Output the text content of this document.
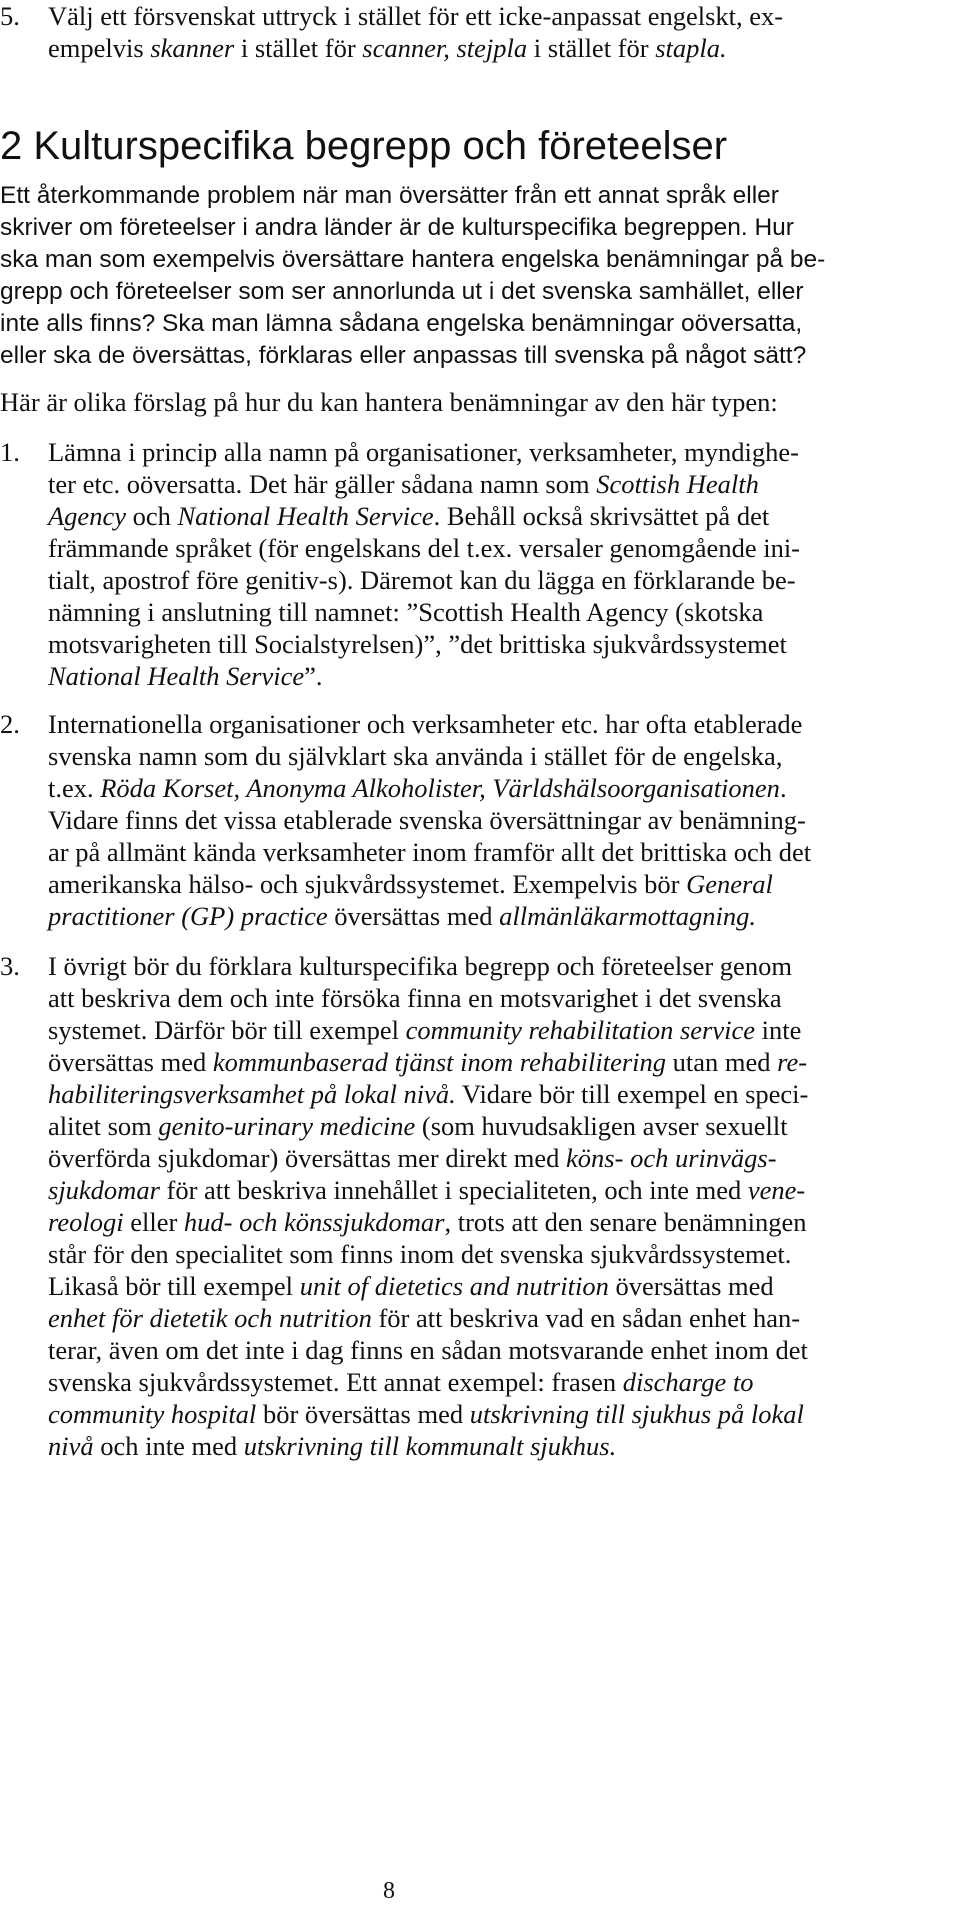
5. Välj ett försvenskat uttryck i stället för ett icke-anpassat engelskt, ex-
empelvis skanner i stället för scanner, stejpla i stället för stapla.
2 Kulturspecifika begrepp och företeelser
Ett återkommande problem när man översätter från ett annat språk eller
skriver om företeelser i andra länder är de kulturspecifika begreppen. Hur
ska man som exempelvis översättare hantera engelska benämningar på be-
grepp och företeelser som ser annorlunda ut i det svenska samhället, eller
inte alls finns? Ska man lämna sådana engelska benämningar oöversatta,
eller ska de översättas, förklaras eller anpassas till svenska på något sätt?
Här är olika förslag på hur du kan hantera benämningar av den här typen:
1. Lämna i princip alla namn på organisationer, verksamheter, myndighe-
ter etc. oöversatta. Det här gäller sådana namn som Scottish Health
Agency och National Health Service. Behåll också skrivsättet på det
främmande språket (för engelskans del t.ex. versaler genomgående ini-
tialt, apostrof före genitiv-s). Däremot kan du lägga en förklarande be-
nämning i anslutning till namnet: ”Scottish Health Agency (skotska
motsvarigheten till Socialstyrelsen)”, ”det brittiska sjukvårdssystemet
National Health Service”.
2. Internationella organisationer och verksamheter etc. har ofta etablerade
svenska namn som du självklart ska använda i stället för de engelska,
t.ex. Röda Korset, Anonyma Alkoholister, Världshälsoorganisationen.
Vidare finns det vissa etablerade svenska översättningar av benämning-
ar på allmänt kända verksamheter inom framför allt det brittiska och det
amerikanska hälso- och sjukvårdssystemet. Exempelvis bör General
practitioner (GP) practice översättas med allmänläkarmottagning.
3. I övrigt bör du förklara kulturspecifika begrepp och företeelser genom
att beskriva dem och inte försöka finna en motsvarighet i det svenska
systemet. Därför bör till exempel community rehabilitation service inte
översättas med kommunbaserad tjänst inom rehabilitering utan med re-
habiliteringsverksamhet på lokal nivå. Vidare bör till exempel en speci-
alitet som genito-urinary medicine (som huvudsakligen avser sexuellt
överförda sjukdomar) översättas mer direkt med köns- och urinvägs-
sjukdomar för att beskriva innehållet i specialiteten, och inte med vene-
reologi eller hud- och könssjukdomar, trots att den senare benämningen
står för den specialitet som finns inom det svenska sjukvårdssystemet.
Likaså bör till exempel unit of dietetics and nutrition översättas med
enhet för dietetik och nutrition för att beskriva vad en sådan enhet han-
terar, även om det inte i dag finns en sådan motsvarande enhet inom det
svenska sjukvårdssystemet. Ett annat exempel: frasen discharge to
community hospital bör översättas med utskrivning till sjukhus på lokal
nivå och inte med utskrivning till kommunalt sjukhus.
8
